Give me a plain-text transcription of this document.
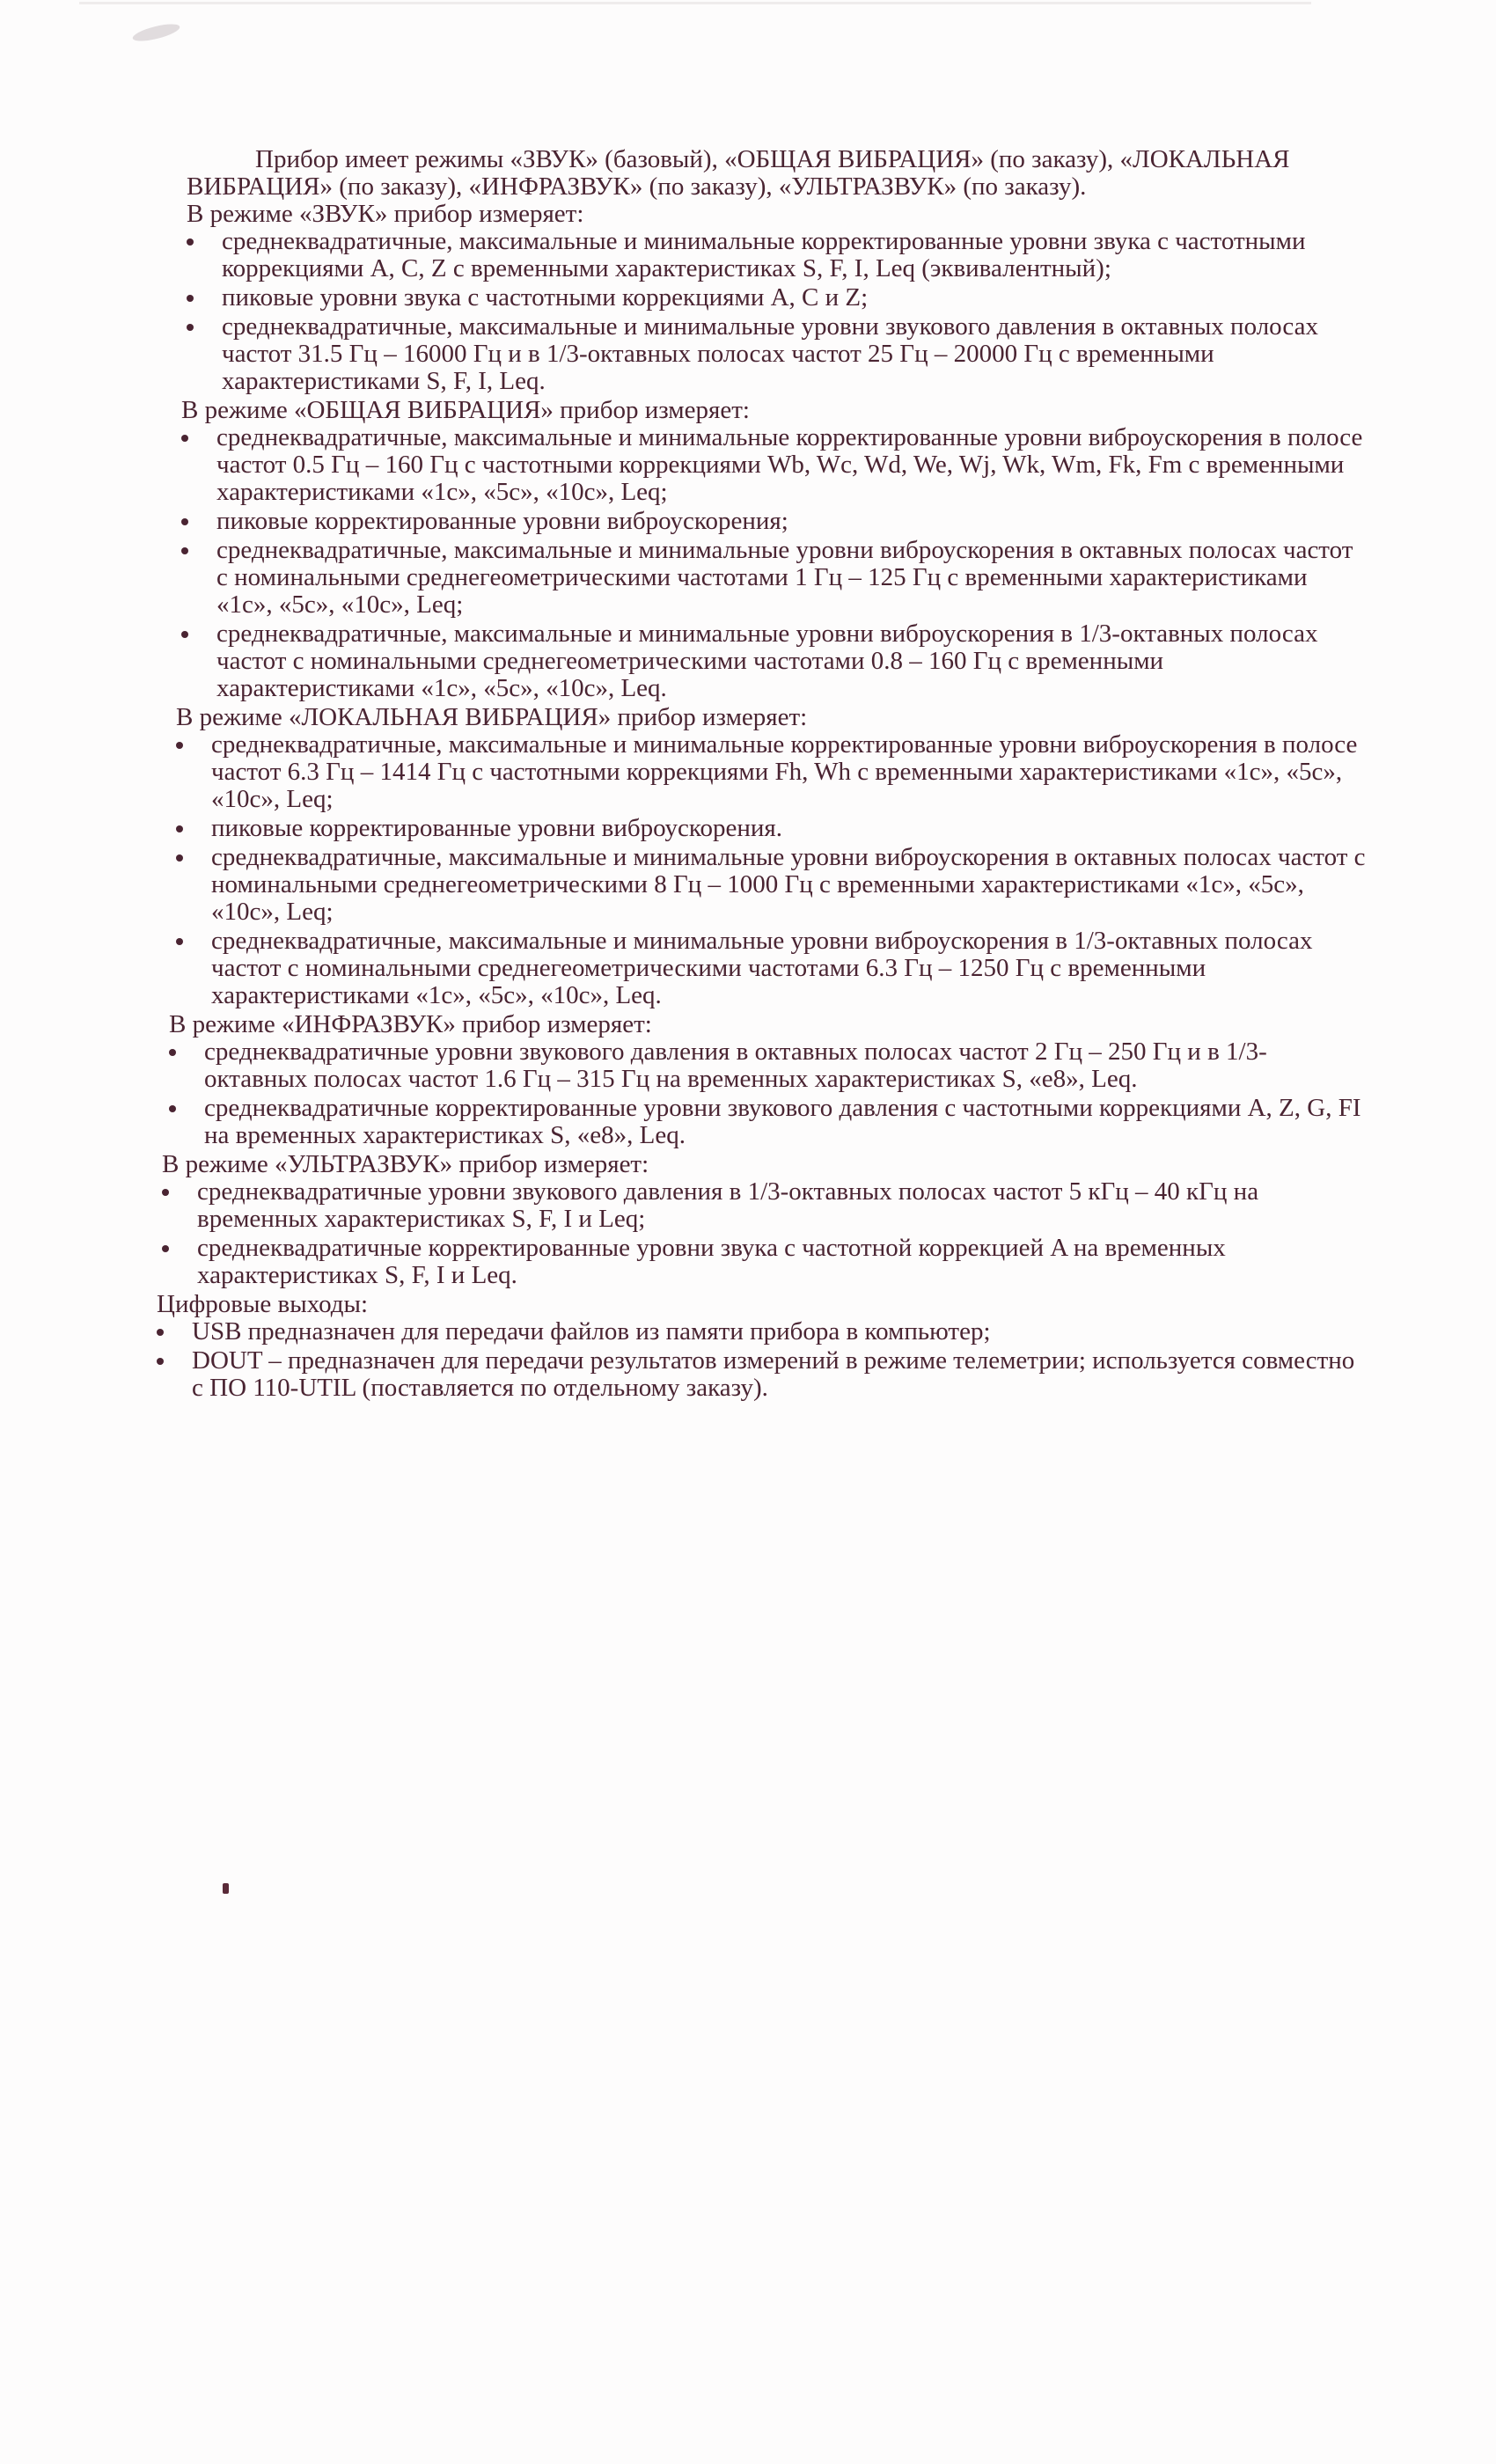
Прибор имеет режимы «ЗВУК» (базовый), «ОБЩАЯ ВИБРАЦИЯ» (по заказу), «ЛОКАЛЬНАЯ ВИБРАЦИЯ» (по заказу), «ИНФРАЗВУК» (по заказу), «УЛЬТРАЗВУК» (по заказу).

В режиме «ЗВУК» прибор измеряет:

среднеквадратичные, максимальные и минимальные корректированные уровни звука с частотными коррекциями A, C, Z с временными характеристиках S, F, I, Leq (эквивалентный);
пиковые уровни звука с частотными коррекциями A, C и Z;
среднеквадратичные, максимальные и минимальные уровни звукового давления в октавных полосах частот 31.5 Гц – 16000 Гц и в 1/3-октавных полосах частот 25 Гц – 20000 Гц с временными характеристиками S, F, I, Leq.

В режиме «ОБЩАЯ ВИБРАЦИЯ» прибор измеряет:

среднеквадратичные, максимальные и минимальные корректированные уровни виброускорения в полосе частот 0.5 Гц – 160 Гц с частотными коррекциями Wb, Wc, Wd, We, Wj, Wk, Wm, Fk, Fm с временными характеристиками «1с», «5с», «10с», Leq;
пиковые корректированные уровни виброускорения;
среднеквадратичные, максимальные и минимальные уровни виброускорения в октавных полосах частот с номинальными среднегеометрическими частотами 1 Гц – 125 Гц с временными характеристиками «1с», «5с», «10с», Leq;
среднеквадратичные, максимальные и минимальные уровни виброускорения в 1/3-октавных полосах частот с номинальными среднегеометрическими частотами 0.8 – 160 Гц с временными характеристиками «1с», «5с», «10с», Leq.

В режиме «ЛОКАЛЬНАЯ ВИБРАЦИЯ» прибор измеряет:

среднеквадратичные, максимальные и минимальные корректированные уровни виброускорения в полосе частот 6.3 Гц – 1414 Гц с частотными коррекциями Fh, Wh с временными характеристиками «1с», «5с», «10с», Leq;
пиковые корректированные уровни виброускорения.
среднеквадратичные, максимальные и минимальные уровни виброускорения в октавных полосах частот с номинальными среднегеометрическими 8 Гц – 1000 Гц с временными характеристиками «1с», «5с», «10с», Leq;
среднеквадратичные, максимальные и минимальные уровни виброускорения в 1/3-октавных полосах частот с номинальными среднегеометрическими частотами 6.3 Гц – 1250 Гц с временными характеристиками «1с», «5с», «10с», Leq.

В режиме «ИНФРАЗВУК» прибор измеряет:

среднеквадратичные уровни звукового давления в октавных полосах частот 2 Гц – 250 Гц и в 1/3-октавных полосах частот 1.6 Гц – 315 Гц на временных характеристиках S, «е8», Leq.
среднеквадратичные корректированные уровни звукового давления с частотными коррекциями A, Z, G, FI на временных характеристиках S, «е8», Leq.

В режиме «УЛЬТРАЗВУК» прибор измеряет:

среднеквадратичные уровни звукового давления в 1/3-октавных полосах частот 5 кГц – 40 кГц на временных характеристиках S, F, I и Leq;
среднеквадратичные корректированные уровни звука с частотной коррекцией A на временных характеристиках S, F, I и Leq.

Цифровые выходы:

USB предназначен для передачи файлов из памяти прибора в компьютер;
DOUT – предназначен для передачи результатов измерений в режиме телеметрии; используется совместно с ПО 110-UTIL (поставляется по отдельному заказу).
